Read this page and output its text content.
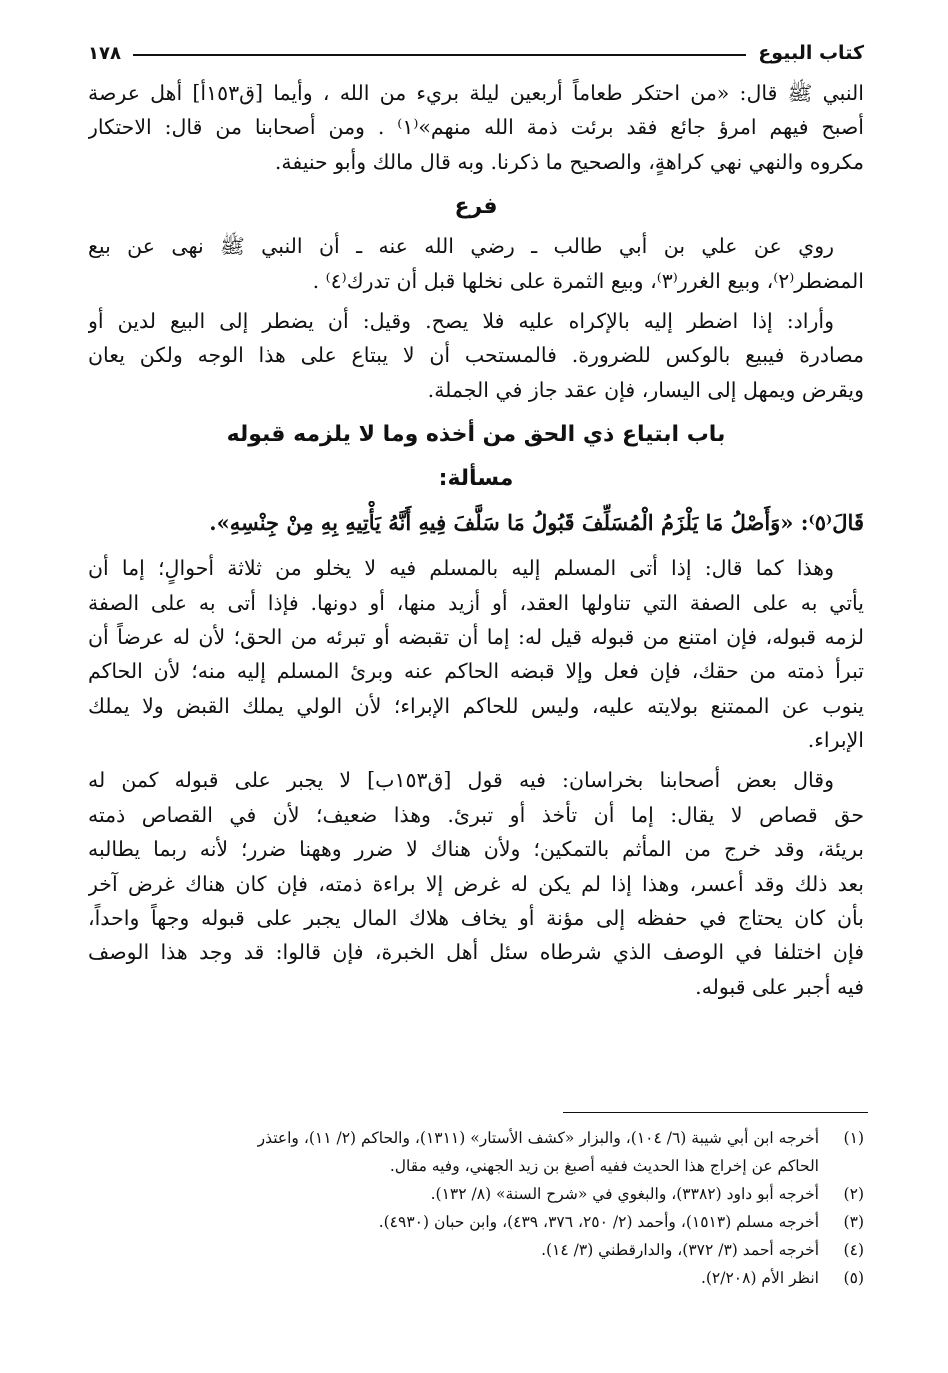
كتاب البيوع
١٧٨
النبي ﷺ قال: «من احتكر طعاماً أربعين ليلة بريء من الله ، وأيما [ق١٥٣أ] أهل عرصة
أصبح فيهم امرؤ جائع فقد برئت ذمة الله منهم»⁽١⁾ . ومن أصحابنا من قال: الاحتكار
مكروه والنهي نهي كراهةٍ، والصحيح ما ذكرنا. وبه قال مالك وأبو حنيفة.
فرع
روي عن علي بن أبي طالب ـ رضي الله عنه ـ أن النبي ﷺ نهى عن بيع
المضطر⁽٢⁾، وبيع الغرر⁽٣⁾، وبيع الثمرة على نخلها قبل أن تدرك⁽٤⁾ .
وأراد: إذا اضطر إليه بالإكراه عليه فلا يصح. وقيل: أن يضطر إلى البيع لدين أو
مصادرة فيبيع بالوكس للضرورة. فالمستحب أن لا يبتاع على هذا الوجه ولكن يعان
ويقرض ويمهل إلى اليسار، فإن عقد جاز في الجملة.
باب ابتياع ذي الحق من أخذه وما لا يلزمه قبوله
مسألة:
قَالَ⁽٥⁾: «وَأَصْلُ مَا يَلْزَمُ الْمُسَلِّفَ قَبُولُ مَا سَلَّفَ فِيهِ أَنَّهُ يَأْتِيهِ بِهِ مِنْ جِنْسِهِ».
وهذا كما قال: إذا أتى المسلم إليه بالمسلم فيه لا يخلو من ثلاثة أحوالٍ؛ إما أن
يأتي به على الصفة التي تناولها العقد، أو أزيد منها، أو دونها. فإذا أتى به على الصفة
لزمه قبوله، فإن امتنع من قبوله قيل له: إما أن تقبضه أو تبرئه من الحق؛ لأن له عرضاً أن
تبرأ ذمته من حقك، فإن فعل وإلا قبضه الحاكم عنه وبرئ المسلم إليه منه؛ لأن الحاكم
ينوب عن الممتنع بولايته عليه، وليس للحاكم الإبراء؛ لأن الولي يملك القبض ولا يملك
الإبراء.
وقال بعض أصحابنا بخراسان: فيه قول [ق١٥٣ب] لا يجبر على قبوله كمن له
حق قصاص لا يقال: إما أن تأخذ أو تبرئ. وهذا ضعيف؛ لأن في القصاص ذمته
بريئة، وقد خرج من المأثم بالتمكين؛ ولأن هناك لا ضرر وههنا ضرر؛ لأنه ربما يطالبه
بعد ذلك وقد أعسر، وهذا إذا لم يكن له غرض إلا براءة ذمته، فإن كان هناك غرض آخر
بأن كان يحتاج في حفظه إلى مؤنة أو يخاف هلاك المال يجبر على قبوله وجهاً واحداً،
فإن اختلفا في الوصف الذي شرطاه سئل أهل الخبرة، فإن قالوا: قد وجد هذا الوصف
فيه أجبر على قبوله.
(١)
أخرجه ابن أبي شيبة (٦/ ١٠٤)، والبزار «كشف الأستار» (١٣١١)، والحاكم (٢/ ١١)، واعتذر
الحاكم عن إخراج هذا الحديث ففيه أصبغ بن زيد الجهني، وفيه مقال.
(٢)
أخرجه أبو داود (٣٣٨٢)، والبغوي في «شرح السنة» (٨/ ١٣٢).
(٣)
أخرجه مسلم (١٥١٣)، وأحمد (٢/ ٢٥٠، ٣٧٦، ٤٣٩)، وابن حبان (٤٩٣٠).
(٤)
أخرجه أحمد (٣/ ٣٧٢)، والدارقطني (٣/ ١٤).
(٥)
انظر الأم (٢/٢٠٨).
